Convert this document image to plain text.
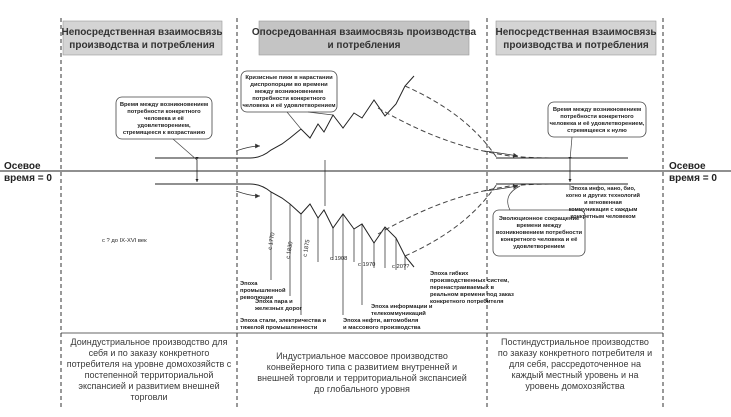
Непосредственная взаимосвязь
производства и потребления
Опосредованная взаимосвязь производства
и потребления
Непосредственная взаимосвязь
производства и потребления
Осевое
время = 0
Осевое
время = 0
Время между возникновением
потребности конкретного
человека и её
удовлетворением,
стремящееся к возрастанию
Кризисные пики в нарастании
диспропорции во времени
между возникновением
потребности конкретного
человека и её удовлетворением
Время между возникновением
потребности конкретного
человека и её удовлетворением,
стремящееся к нулю
Эволюционное сокращение
времени между
возникновением потребности
конкретного человека и её
удовлетворением
Эпоха инфо, нано, био,
когно и других технологий
и мгновенная
коммуникация с каждым
конкретным человеком
с ? до IX-XVI век	с 1770 с 1830 с 1875
с 1908
с 1970	с 20??
Эпоха
промышленной
революции
Эпоха пара и
железных дорог
Эпоха стали, электричества и
тяжелой промышленности
Эпоха нефти, автомобиля
и массового производства
Эпоха информации и
телекоммуникаций
Эпоха гибких
производственных систем,
перенастраиваемых в
реальном времени под заказ
конкретного потребителя
Доиндустриальное производство для
себя и по заказу конкретного
потребителя на уровне домохозяйств с
постепенной территориальной
экспансией и развитием внешней
торговли
Индустриальное массовое производство
конвейерного типа с развитием внутренней и
внешней торговли и территориальной экспансией
до глобального уровня
Постиндустриальное производство
по заказу конкретного потребителя и
для себя, рассредоточенное на
каждый местный уровень и на
уровень домохозяйства
